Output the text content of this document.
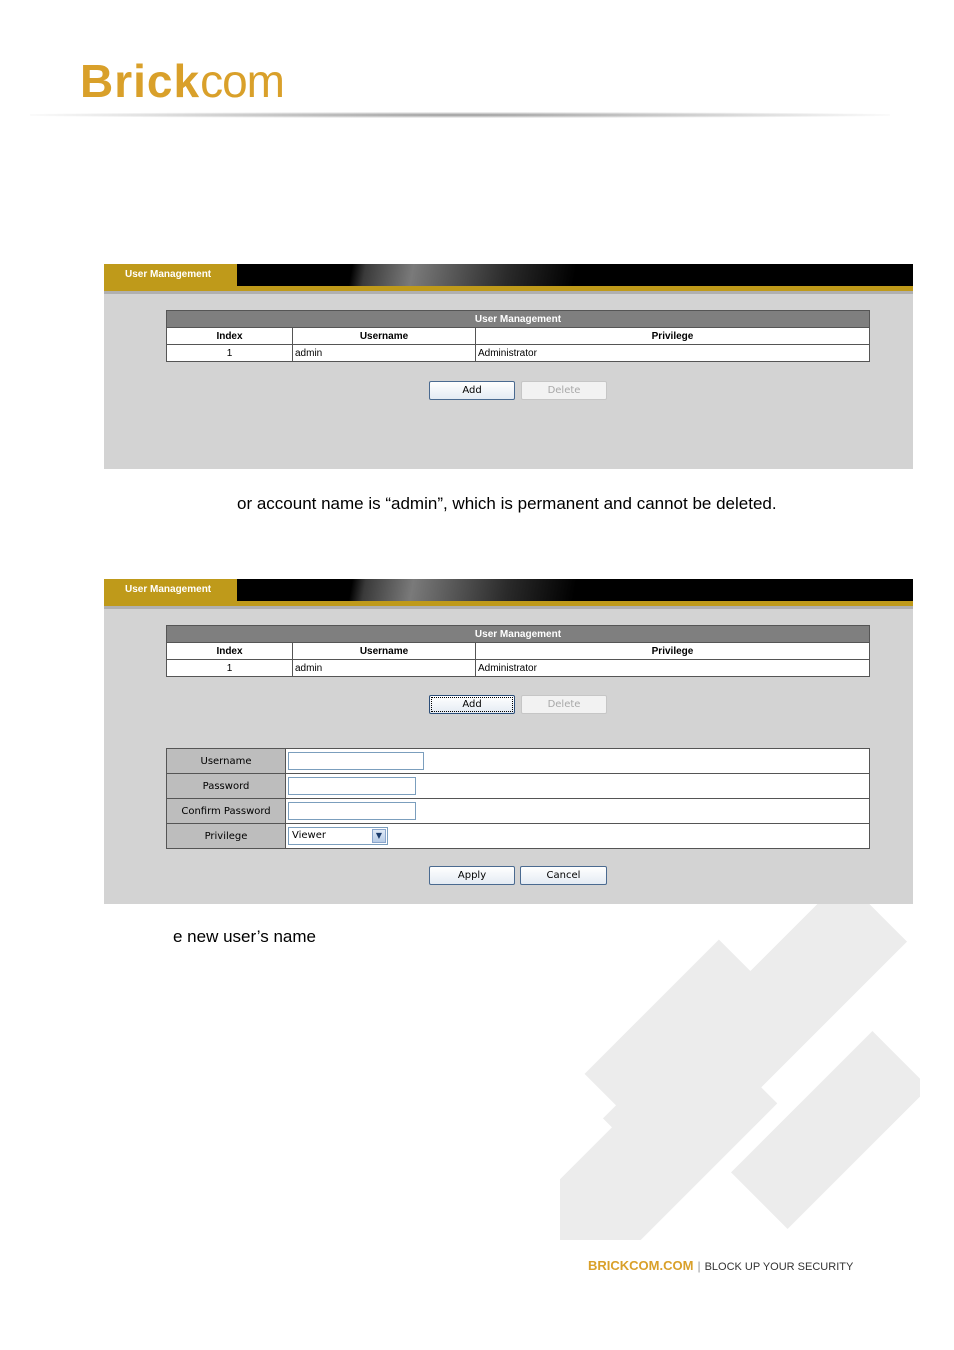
Brickcom
User Management
User Management		
Index	Username	Privilege
1	admin	Administrator
Add	Delete
or account name is “admin”, which is permanent and cannot be deleted.
User Management
User Management		
Index	Username	Privilege
1	admin	Administrator
Add	Delete
Username	

Password	

Confirm Password	

Privilege	Viewer ▼
Apply	Cancel
e new user’s name
BRICKCOM.COM | BLOCK UP YOUR SECURITY
